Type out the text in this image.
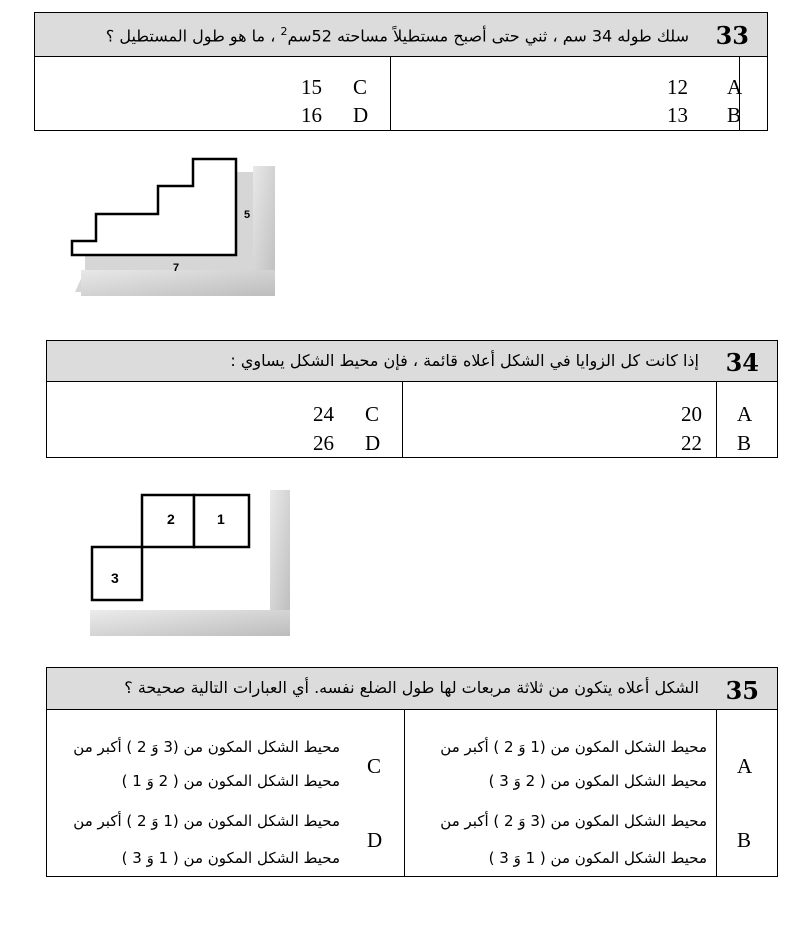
33
سلك طوله 34 سم ، ثني حتى أصبح مستطيلاً مساحته 52سم$^2$ ، ما هو طول المستطيل ؟
A
12
B
13
C
15
D
16
5
7
34
إذا كانت كل الزوايا في الشكل أعلاه قائمة ، فإن محيط الشكل يساوي :
A
20
B
22
C
24
D
26
1
2
3
35
الشكل أعلاه يتكون من ثلاثة مربعات لها طول الضلع نفسه. أي العبارات التالية صحيحة ؟
A
محيط الشكل المكون من (1 وَ 2 ) أكبر من
محيط الشكل المكون من ( 2 وَ 3 )
B
محيط الشكل المكون من (3 وَ 2 ) أكبر من
محيط الشكل المكون من ( 1 وَ 3 )
C
محيط الشكل المكون من (3 وَ 2 ) أكبر من
محيط الشكل المكون من ( 2 وَ 1 )
D
محيط الشكل المكون من (1 وَ 2 ) أكبر من
محيط الشكل المكون من ( 1 وَ 3 )
